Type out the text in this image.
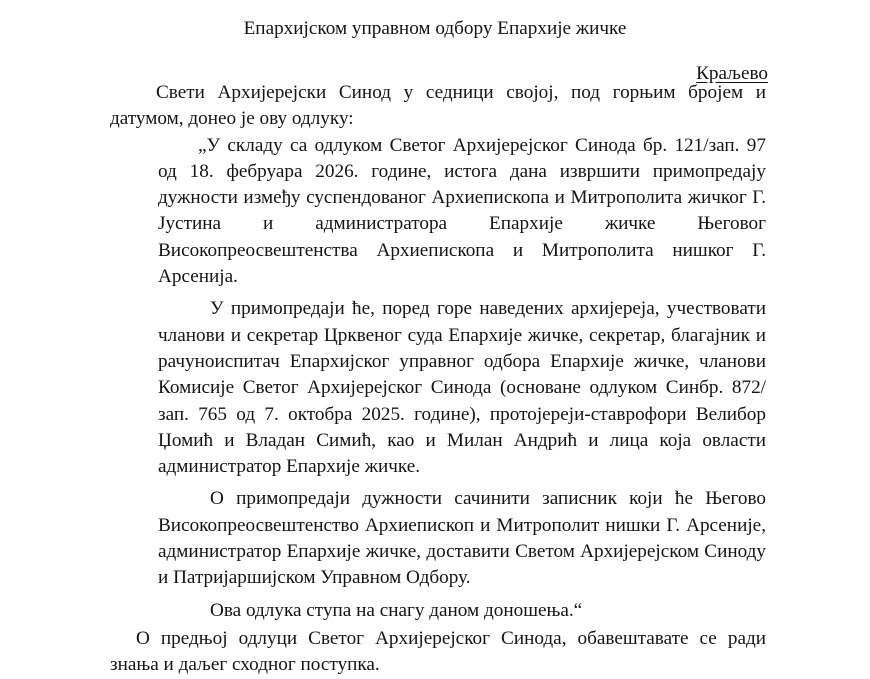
Епархијском управном одбору Епархије жичке
Краљево

Свети Архијерејски Синод у седници својој, под горњим бројем и датумом, донео је ову одлуку:

„У складу са одлуком Светог Архијерејског Синода бр. 121/зап. 97 од 18. фебруара 2026. године, истога дана извршити примопредају дужности између суспендованог Архиепископа и Митрополита жичког Г. Јустина и администратора Епархије жичке Његовог Високопреосвештенства Архиепископа и Митрополита нишког Г. Арсенија.

У примопредаји ће, поред горе наведених архијереја, учествовати чланови и секретар Црквеног суда Епархије жичке, секретар, благајник и рачуноиспитач Епархијског управног одбора Епархије жичке, чланови Комисије Светог Архијерејског Синода (основане одлуком Синбр. 872/зап. 765 од 7. октобра 2025. године), протојереји-ставрофори Велибор Џомић и Владан Симић, као и Милан Андрић и лица која овласти администратор Епархије жичке.

О примопредаји дужности сачинити записник који ће Његово Високопреосвештенство Архиепископ и Митрополит нишки Г. Арсеније, администратор Епархије жичке, доставити Светом Архијерејском Синоду и Патријаршијском Управном Одбору.

Ова одлука ступа на снагу даном доношења.“

О предњој одлуци Светог Архијерејског Синода, обавештавате се ради знања и даљег сходног поступка.
